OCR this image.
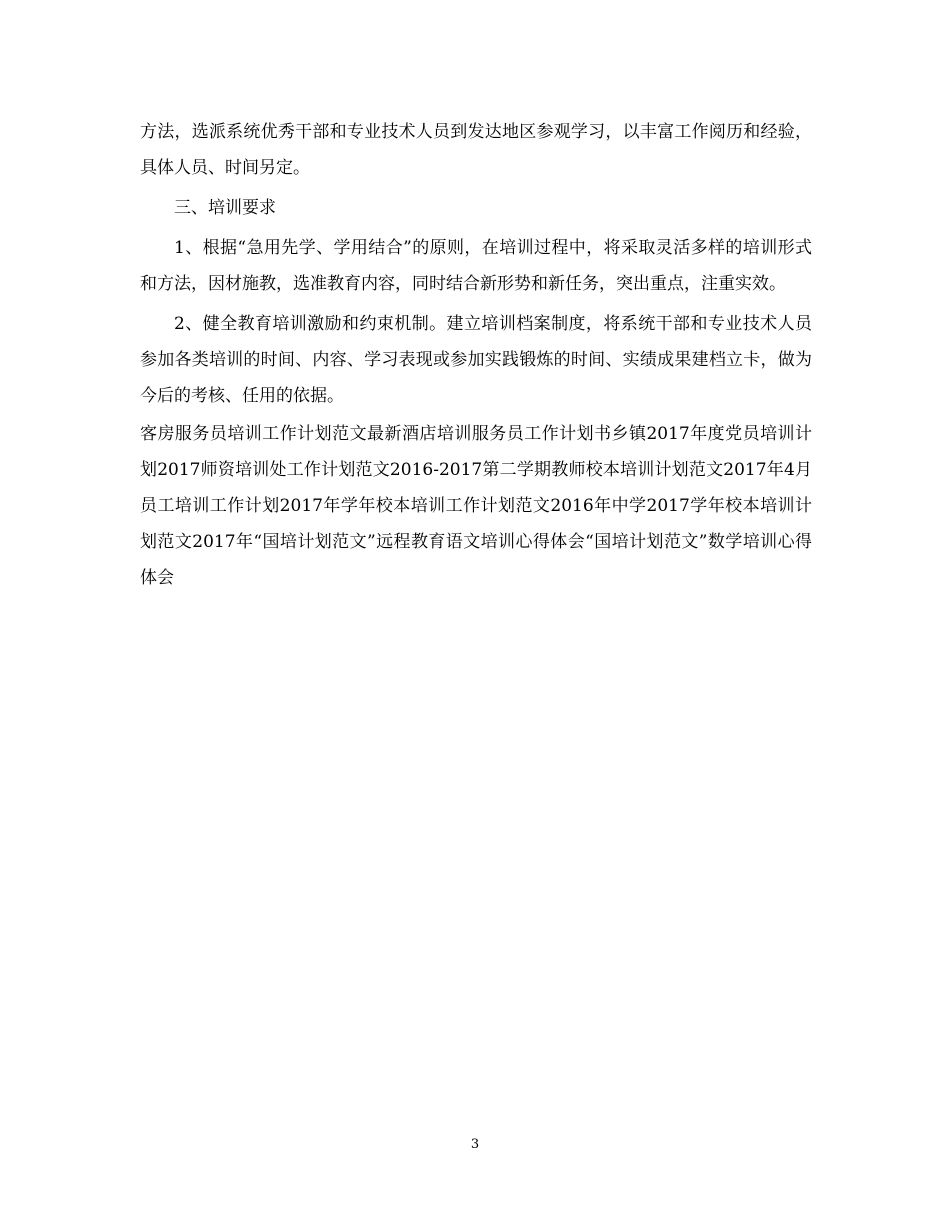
方法，选派系统优秀干部和专业技术人员到发达地区参观学习，以丰富工作阅历和经验，具体人员、时间另定。

三、培训要求

1、根据“急用先学、学用结合”的原则，在培训过程中，将采取灵活多样的培训形式和方法，因材施教，选准教育内容，同时结合新形势和新任务，突出重点，注重实效。

2、健全教育培训激励和约束机制。建立培训档案制度，将系统干部和专业技术人员参加各类培训的时间、内容、学习表现或参加实践锻炼的时间、实绩成果建档立卡，做为今后的考核、任用的依据。

客房服务员培训工作计划范文最新酒店培训服务员工作计划书乡镇2017年度党员培训计划2017师资培训处工作计划范文2016-2017第二学期教师校本培训计划范文2017年4月员工培训工作计划2017年学年校本培训工作计划范文2016年中学2017学年校本培训计划范文2017年“国培计划范文”远程教育语文培训心得体会“国培计划范文”数学培训心得体会

3
